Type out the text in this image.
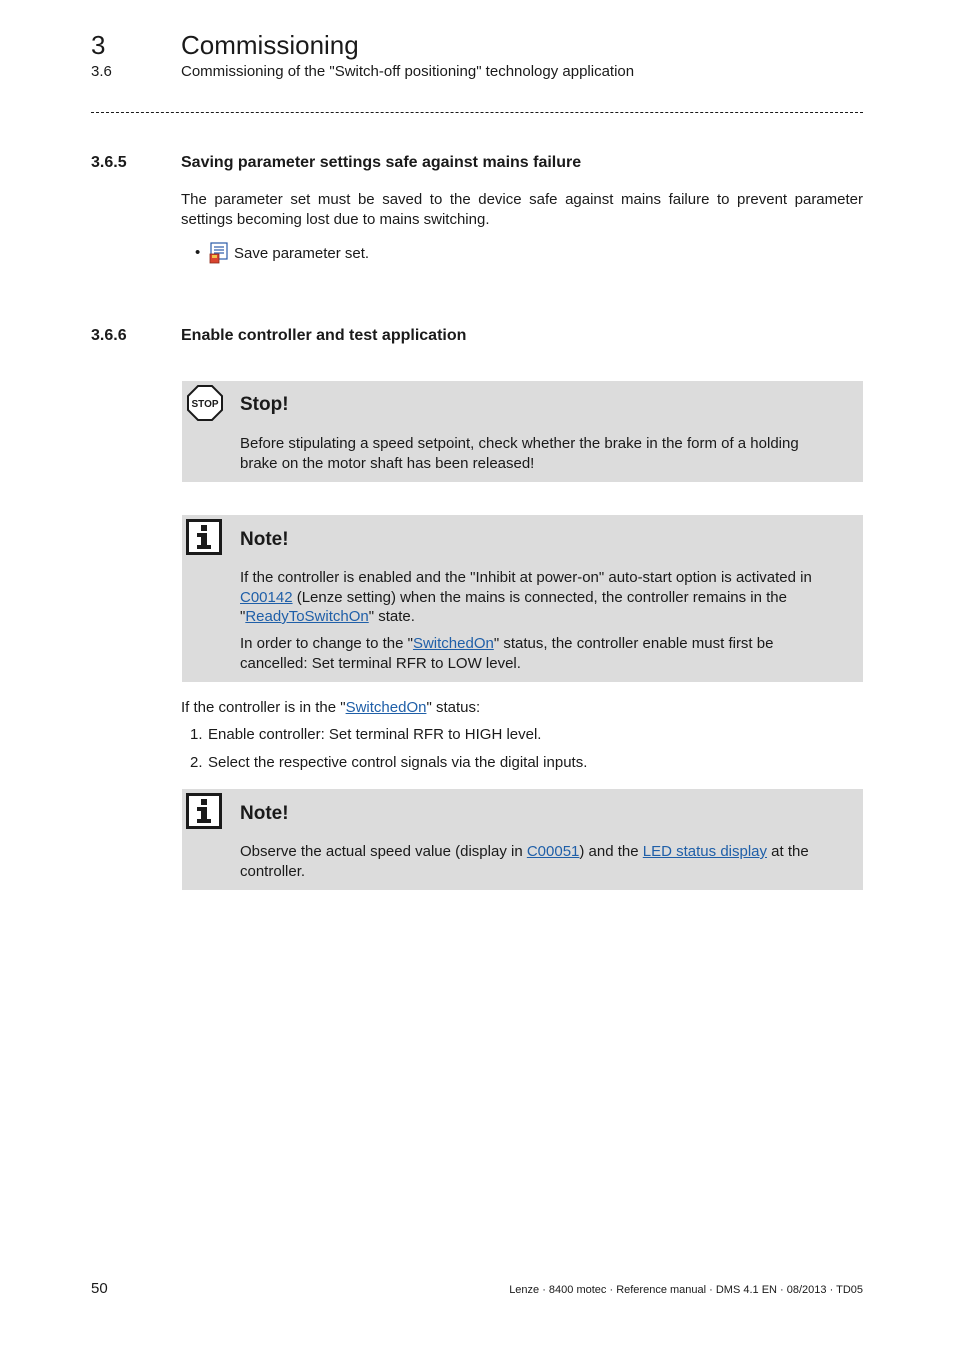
3	Commissioning
3.6	Commissioning of the "Switch-off positioning" technology application
3.6.5	Saving parameter settings safe against mains failure
The parameter set must be saved to the device safe against mains failure to prevent parameter settings becoming lost due to mains switching.
• Save parameter set.
3.6.6	Enable controller and test application
STOP Stop!
Before stipulating a speed setpoint, check whether the brake in the form of a holding brake on the motor shaft has been released!
Note!
If the controller is enabled and the "Inhibit at power-on" auto-start option is activated in
C00142 (Lenze setting) when the mains is connected, the controller remains in the
"ReadyToSwitchOn" state.
In order to change to the "SwitchedOn" status, the controller enable must first be
cancelled: Set terminal RFR to LOW level.
If the controller is in the "SwitchedOn" status:
1. Enable controller: Set terminal RFR to HIGH level.
2. Select the respective control signals via the digital inputs.
Note!
Observe the actual speed value (display in C00051) and the LED status display at the
controller.
50	Lenze · 8400 motec · Reference manual · DMS 4.1 EN · 08/2013 · TD05
